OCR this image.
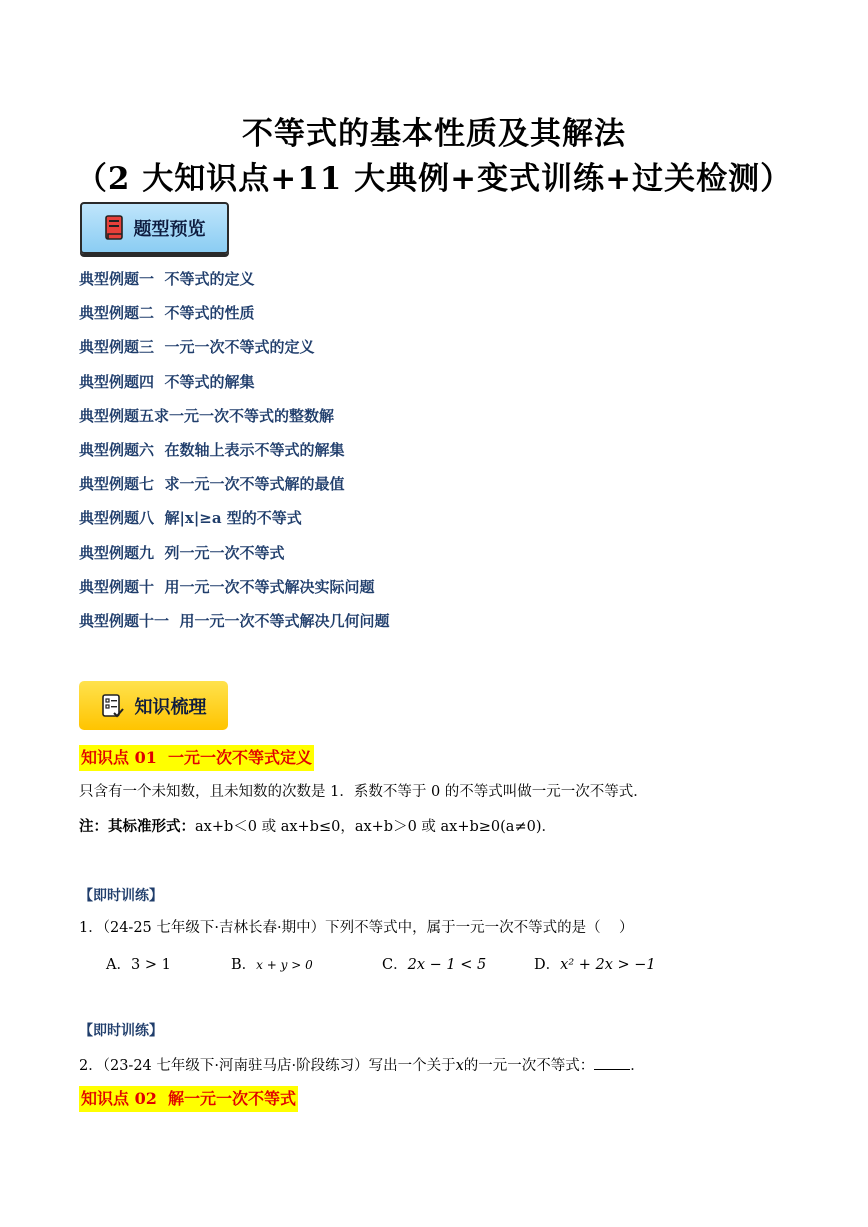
不等式的基本性质及其解法
（2 大知识点+11 大典例+变式训练+过关检测）
题型预览
典型例题一  不等式的定义
典型例题二  不等式的性质
典型例题三  一元一次不等式的定义
典型例题四  不等式的解集
典型例题五求一元一次不等式的整数解
典型例题六  在数轴上表示不等式的解集
典型例题七  求一元一次不等式解的最值
典型例题八  解|x|≥a 型的不等式
典型例题九  列一元一次不等式
典型例题十  用一元一次不等式解决实际问题
典型例题十一  用一元一次不等式解决几何问题
知识梳理
知识点 01  一元一次不等式定义
只含有一个未知数，且未知数的次数是 1．系数不等于 0 的不等式叫做一元一次不等式．
注：其标准形式：ax+b＜0 或 ax+b≤0，ax+b＞0 或 ax+b≥0(a≠0)．
【即时训练】
1．（24-25 七年级下·吉林长春·期中）下列不等式中，属于一元一次不等式的是（    ）
A．3 > 1	B．x + y > 0	C．2x − 1 < 5	D．x² + 2x > −1
【即时训练】
2．（23-24 七年级下·河南驻马店·阶段练习）写出一个关于x的一元一次不等式： ．
知识点 02  解一元一次不等式
